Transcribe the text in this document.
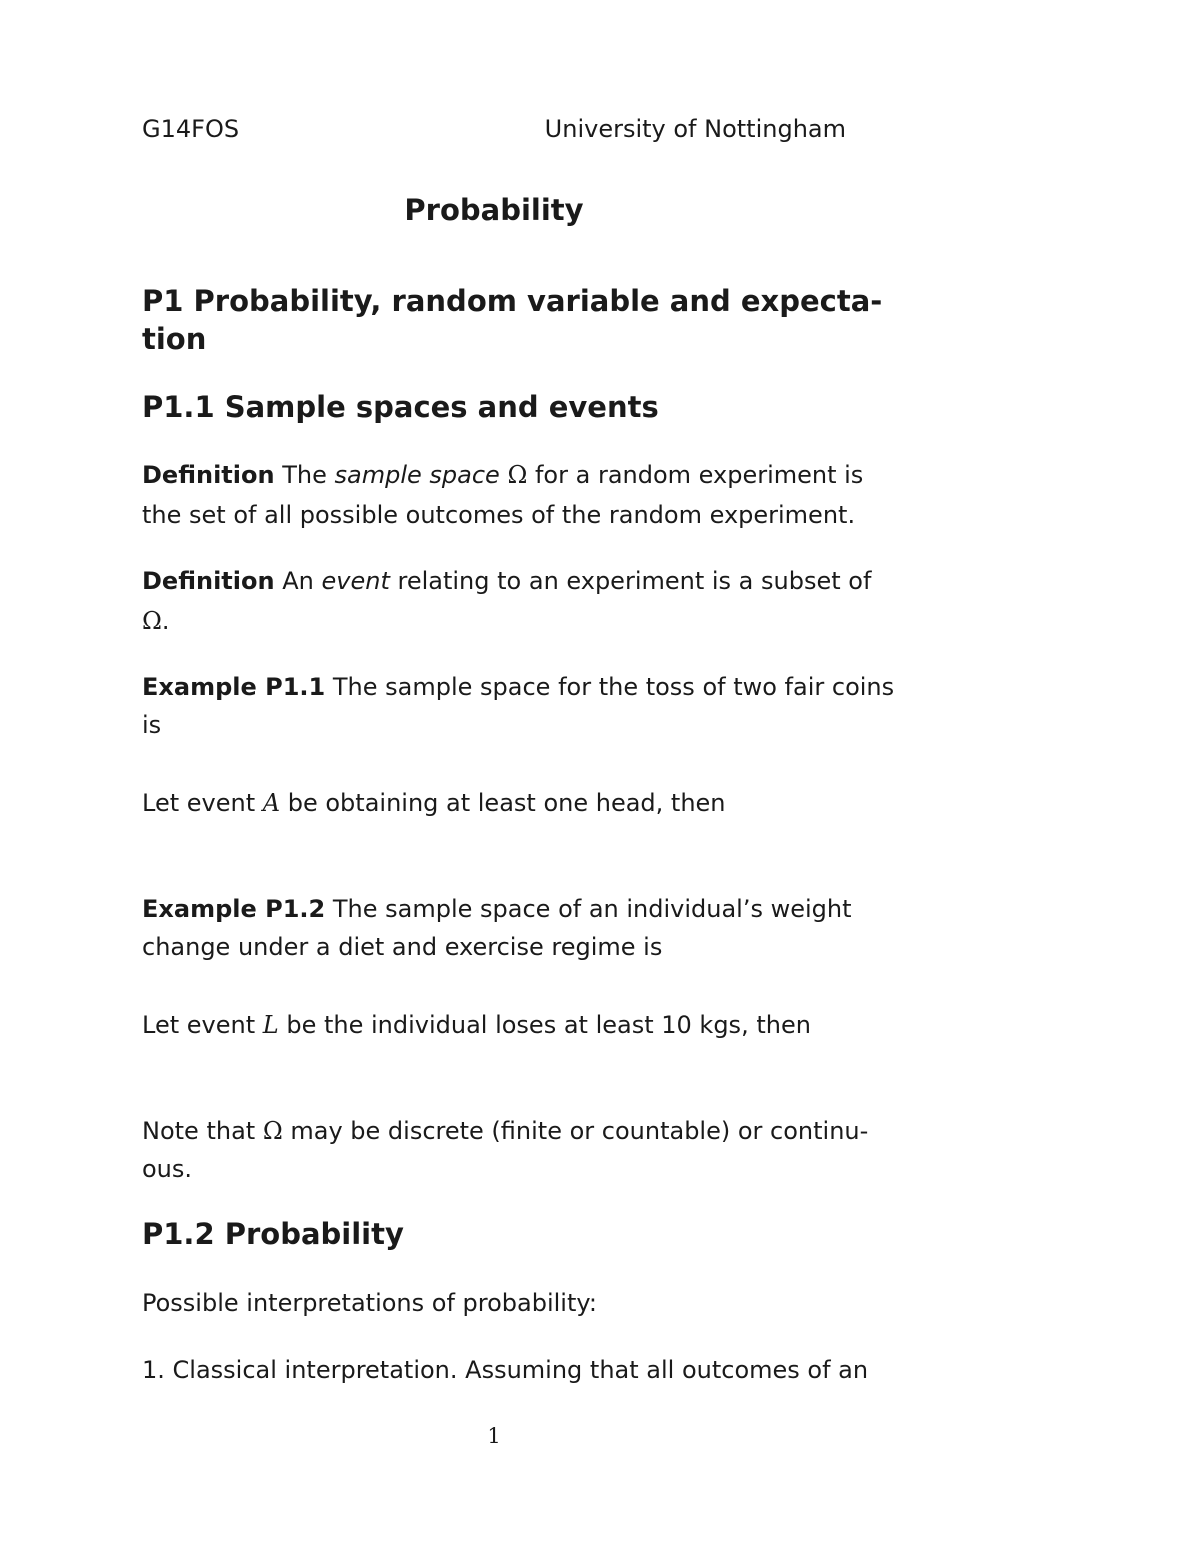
G14FOS	University of Nottingham
Probability
P1 Probability, random variable and expecta-
tion
P1.1 Sample spaces and events
Definition The sample space Ω for a random experiment is
the set of all possible outcomes of the random experiment.
Definition An event relating to an experiment is a subset of
Ω.
Example P1.1 The sample space for the toss of two fair coins
is
Let event A be obtaining at least one head, then
Example P1.2 The sample space of an individual’s weight
change under a diet and exercise regime is
Let event L be the individual loses at least 10 kgs, then
Note that Ω may be discrete (finite or countable) or continu-
ous.
P1.2 Probability
Possible interpretations of probability:
1. Classical interpretation. Assuming that all outcomes of an
1
